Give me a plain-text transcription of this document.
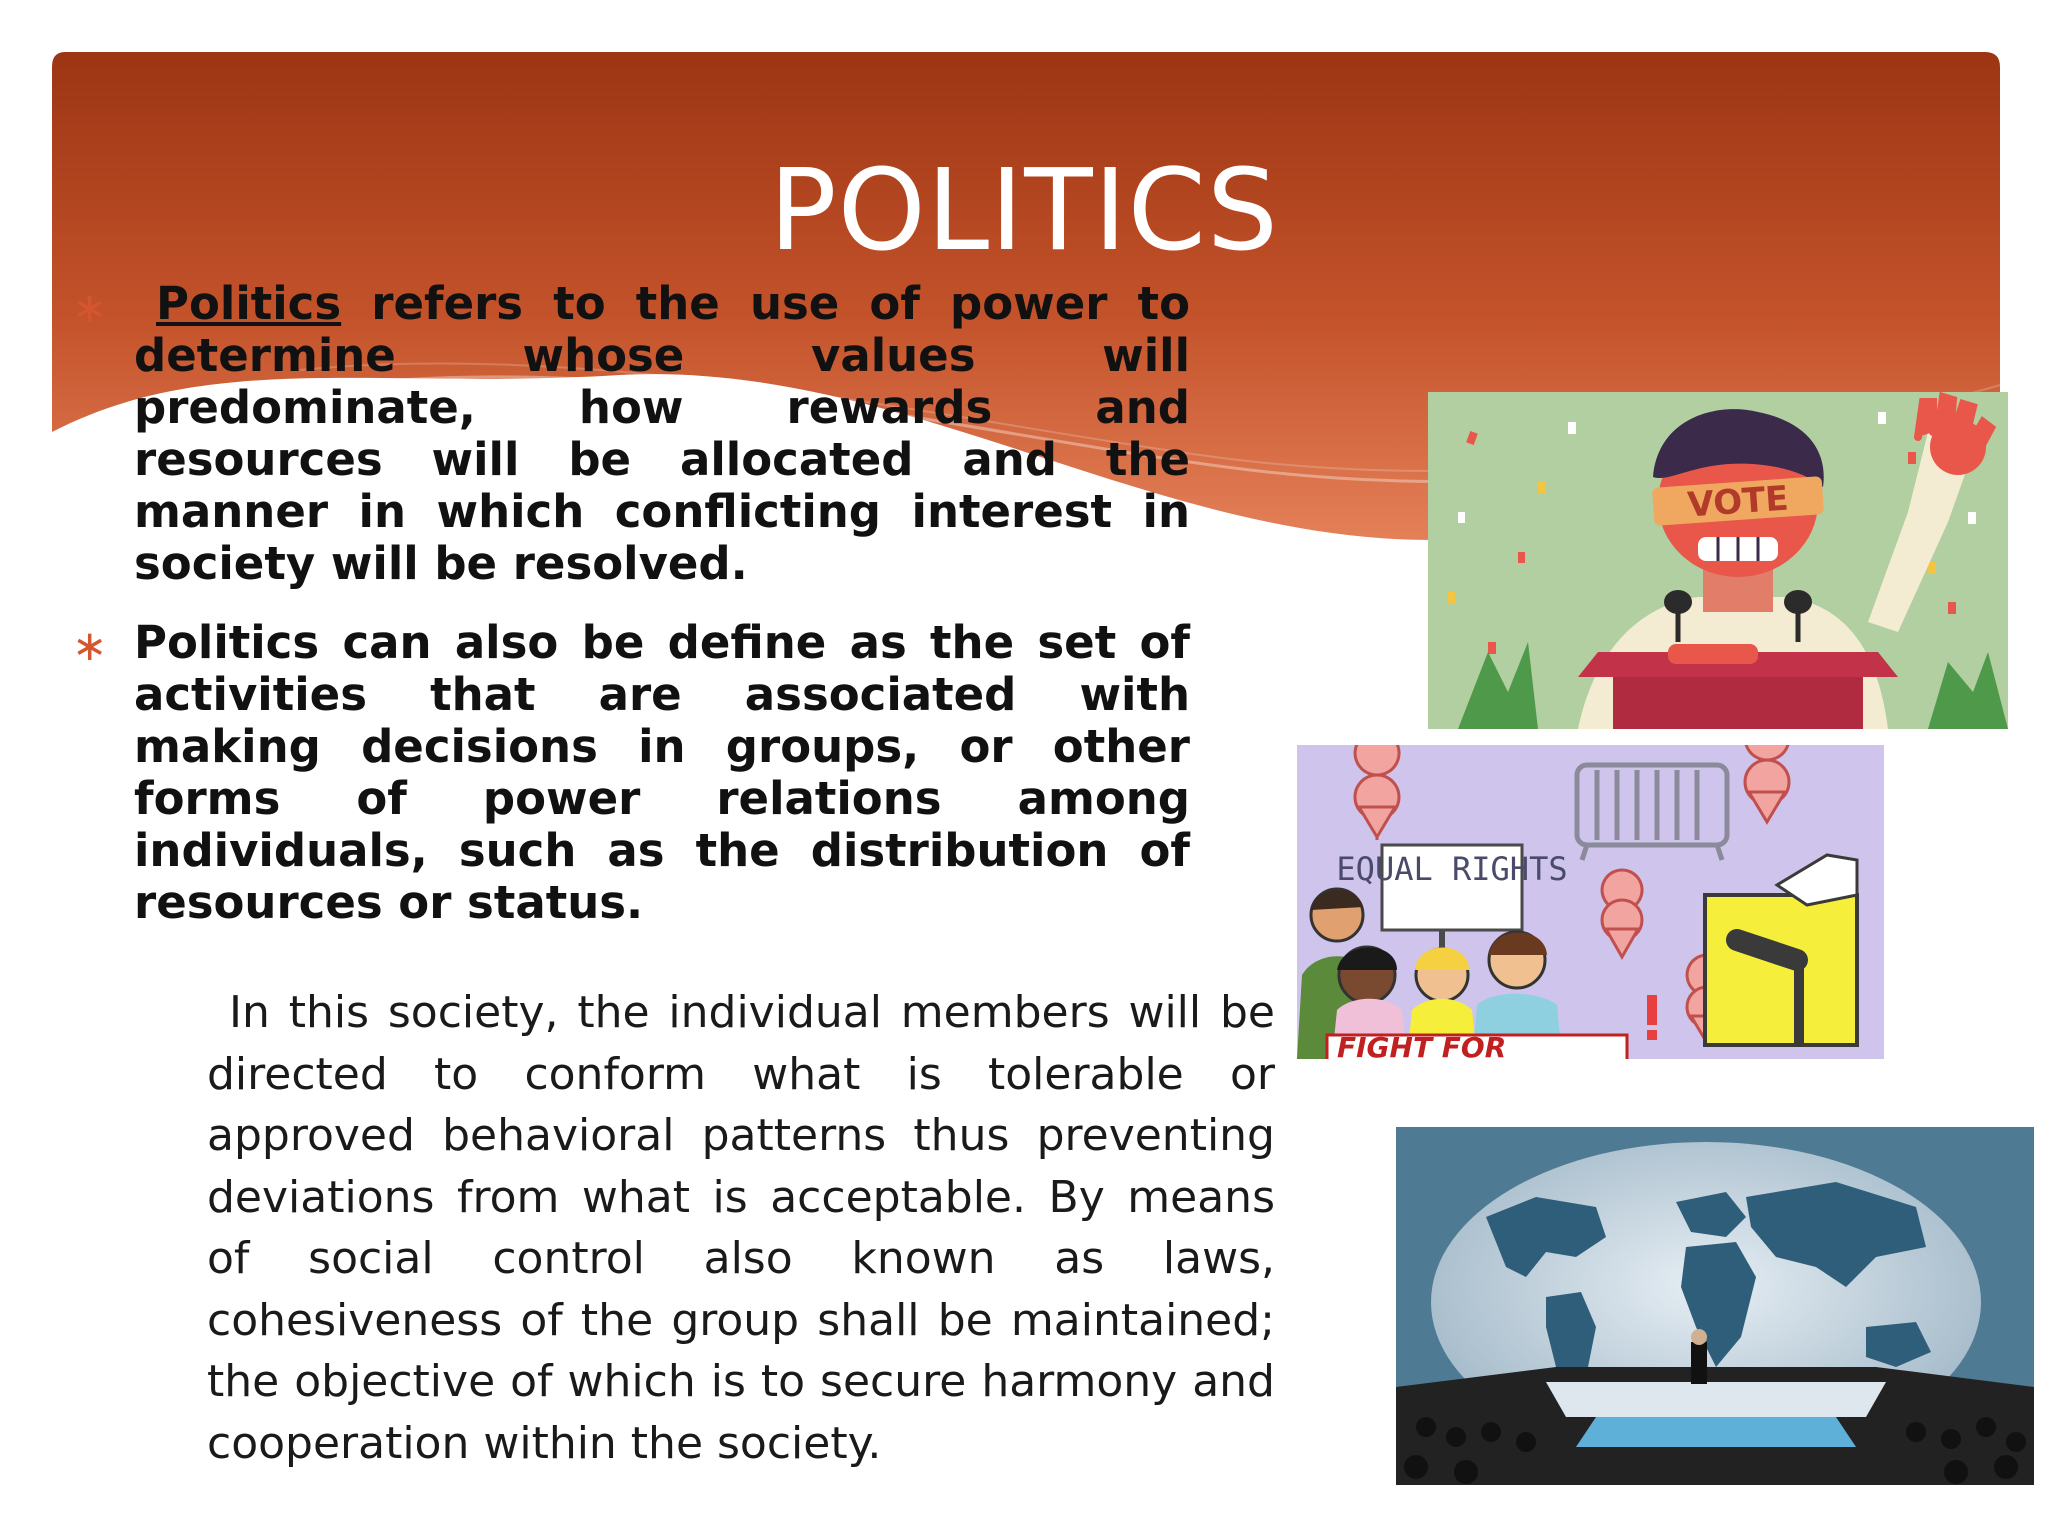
POLITICS
∗	Politics refers to the use of power to determine whose values will predominate, how rewards and resources will be allocated and the manner in which conflicting interest in society will be resolved.
∗ Politics can also be define as the set of activities that are associated with making decisions in groups, or other forms of power relations among individuals, such as the distribution of resources or status.
In this society, the individual members will be directed to conform what is tolerable or approved behavioral patterns thus preventing deviations from what is acceptable. By means of social control also known as laws, cohesiveness of the group shall be maintained; the objective of which is to secure harmony and cooperation within the society.
VOTE
EQUAL RIGHTS
FIGHT FOR
